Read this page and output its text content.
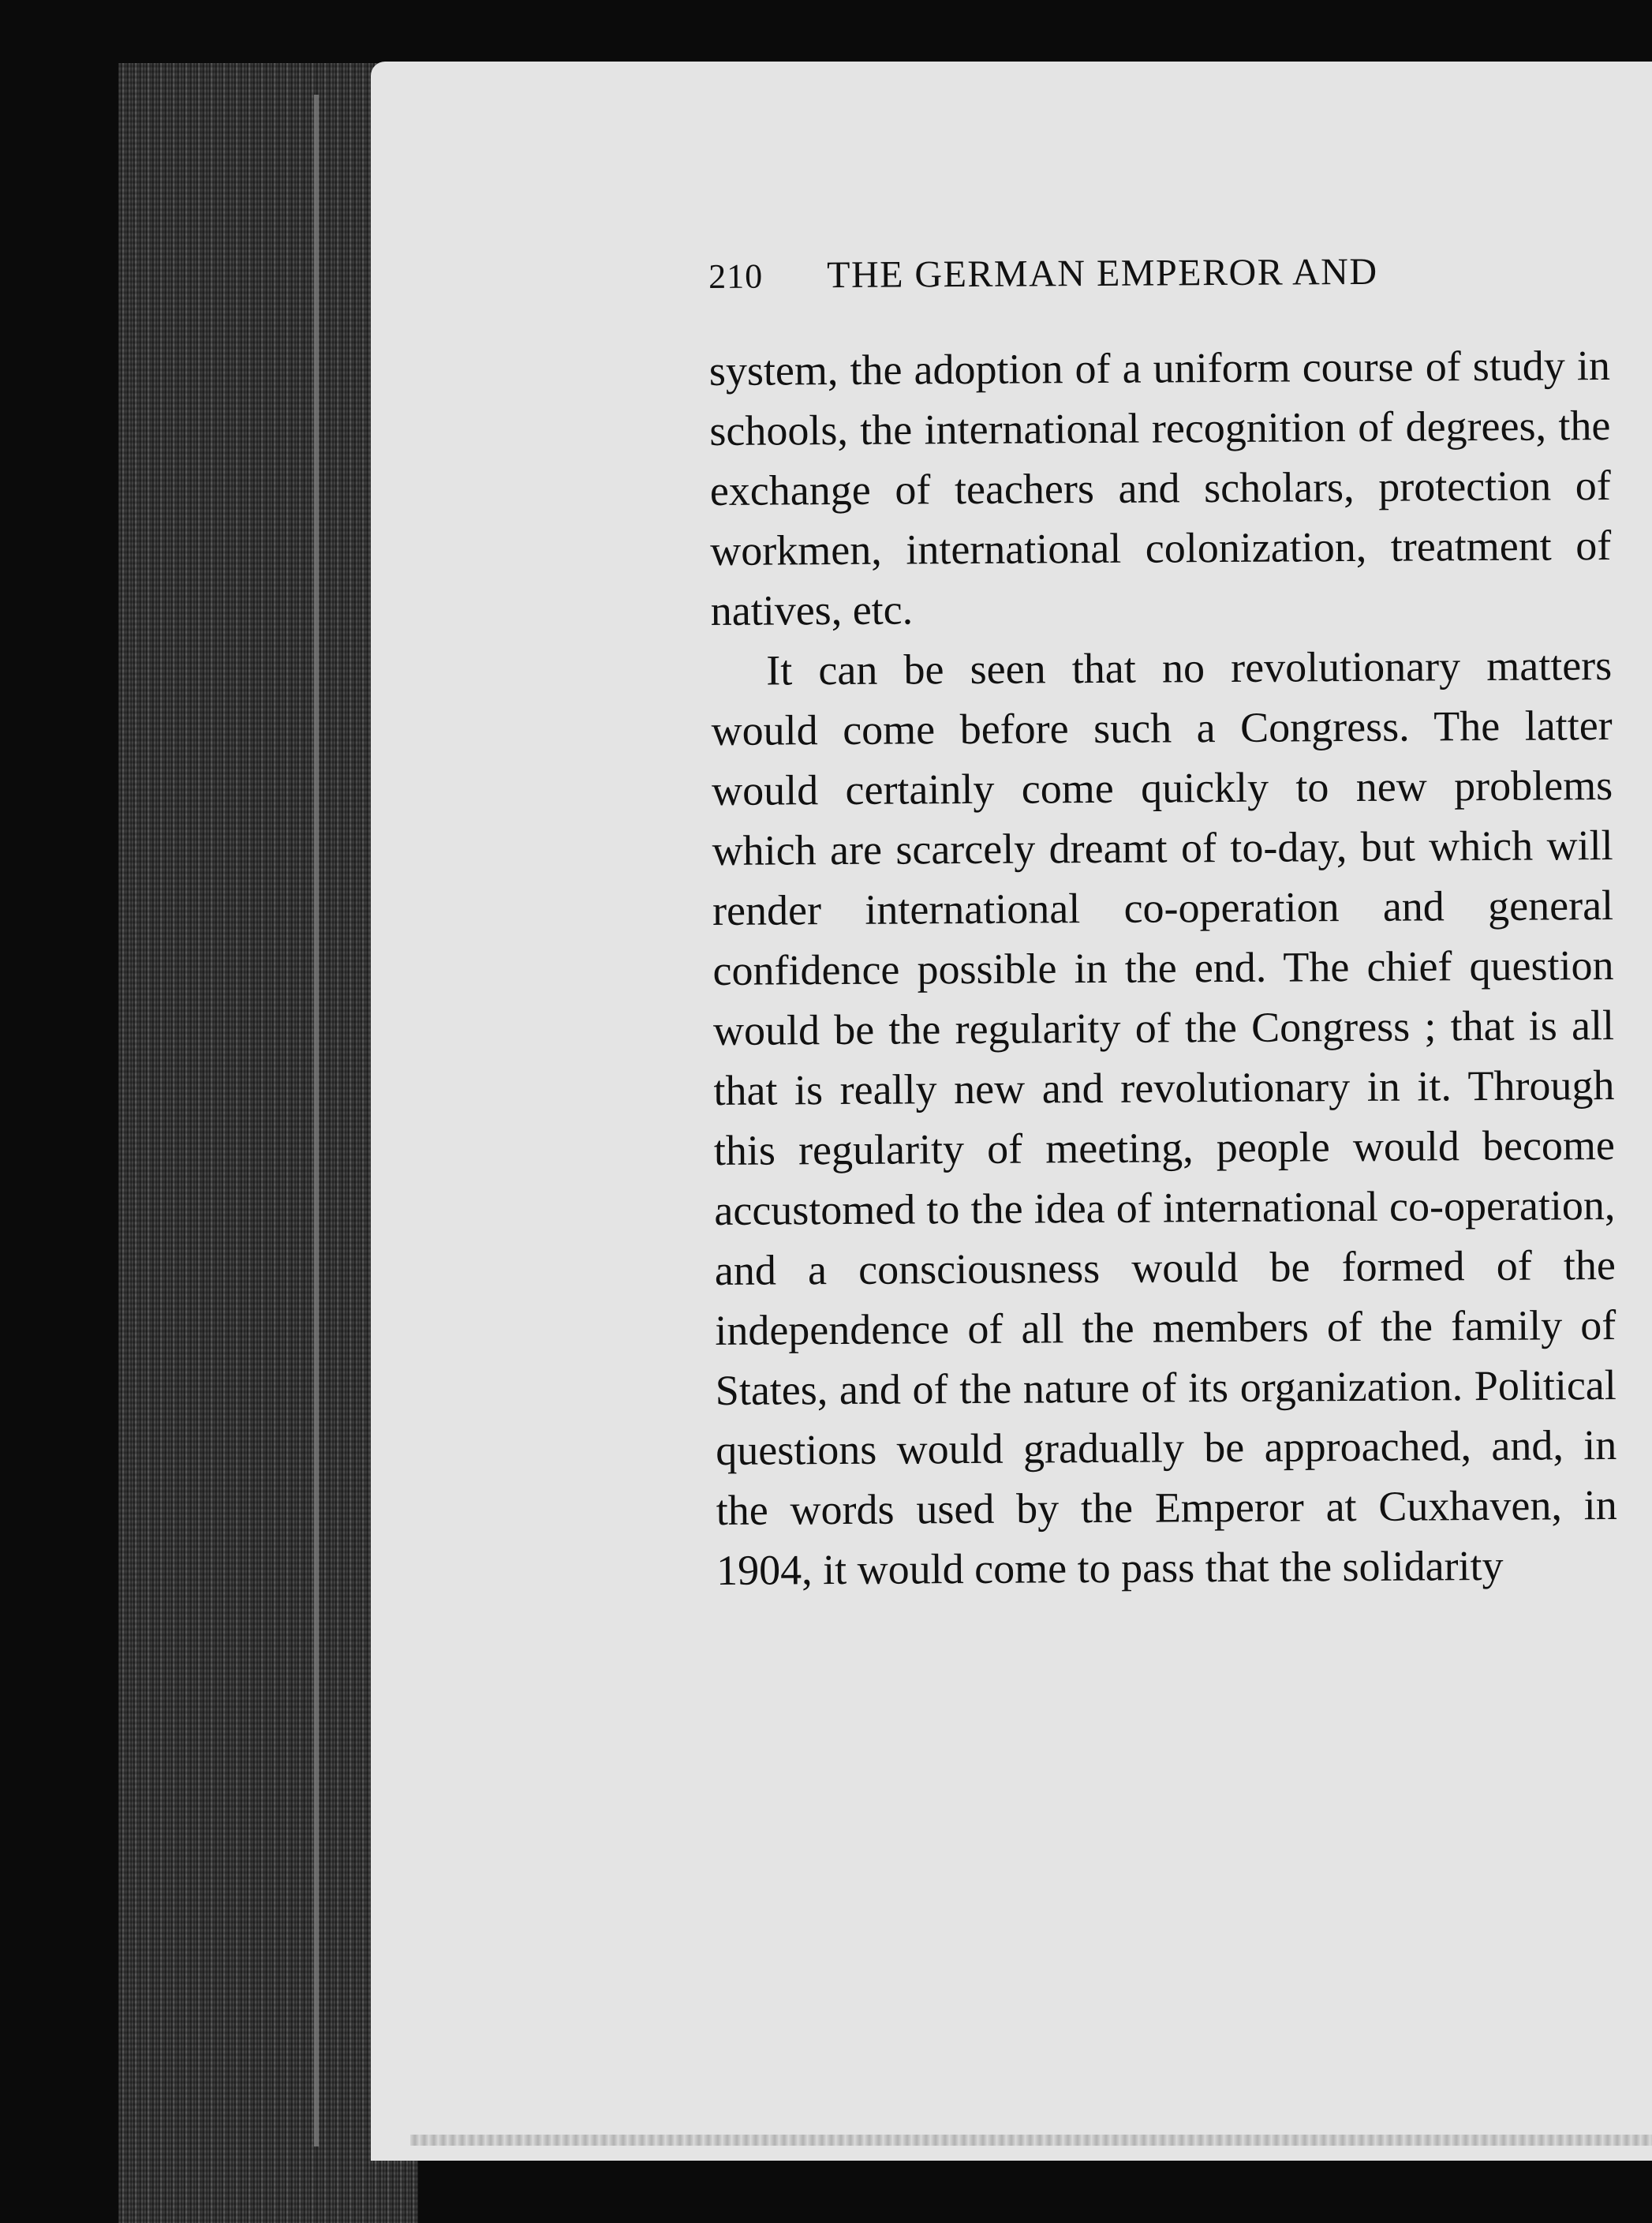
210	THE GERMAN EMPEROR AND

system, the adoption of a uniform course of study in schools, the international recognition of degrees, the exchange of teachers and scholars, protection of workmen, international colonization, treatment of natives, etc.

It can be seen that no revolutionary matters would come before such a Congress. The latter would certainly come quickly to new problems which are scarcely dreamt of to-day, but which will render international co-operation and general confidence possible in the end. The chief question would be the regularity of the Congress ; that is all that is really new and revolutionary in it. Through this regularity of meeting, people would become accustomed to the idea of international co-operation, and a consciousness would be formed of the independence of all the members of the family of States, and of the nature of its organization. Political questions would gradually be approached, and, in the words used by the Emperor at Cuxhaven, in 1904, it would come to pass that the solidarity
